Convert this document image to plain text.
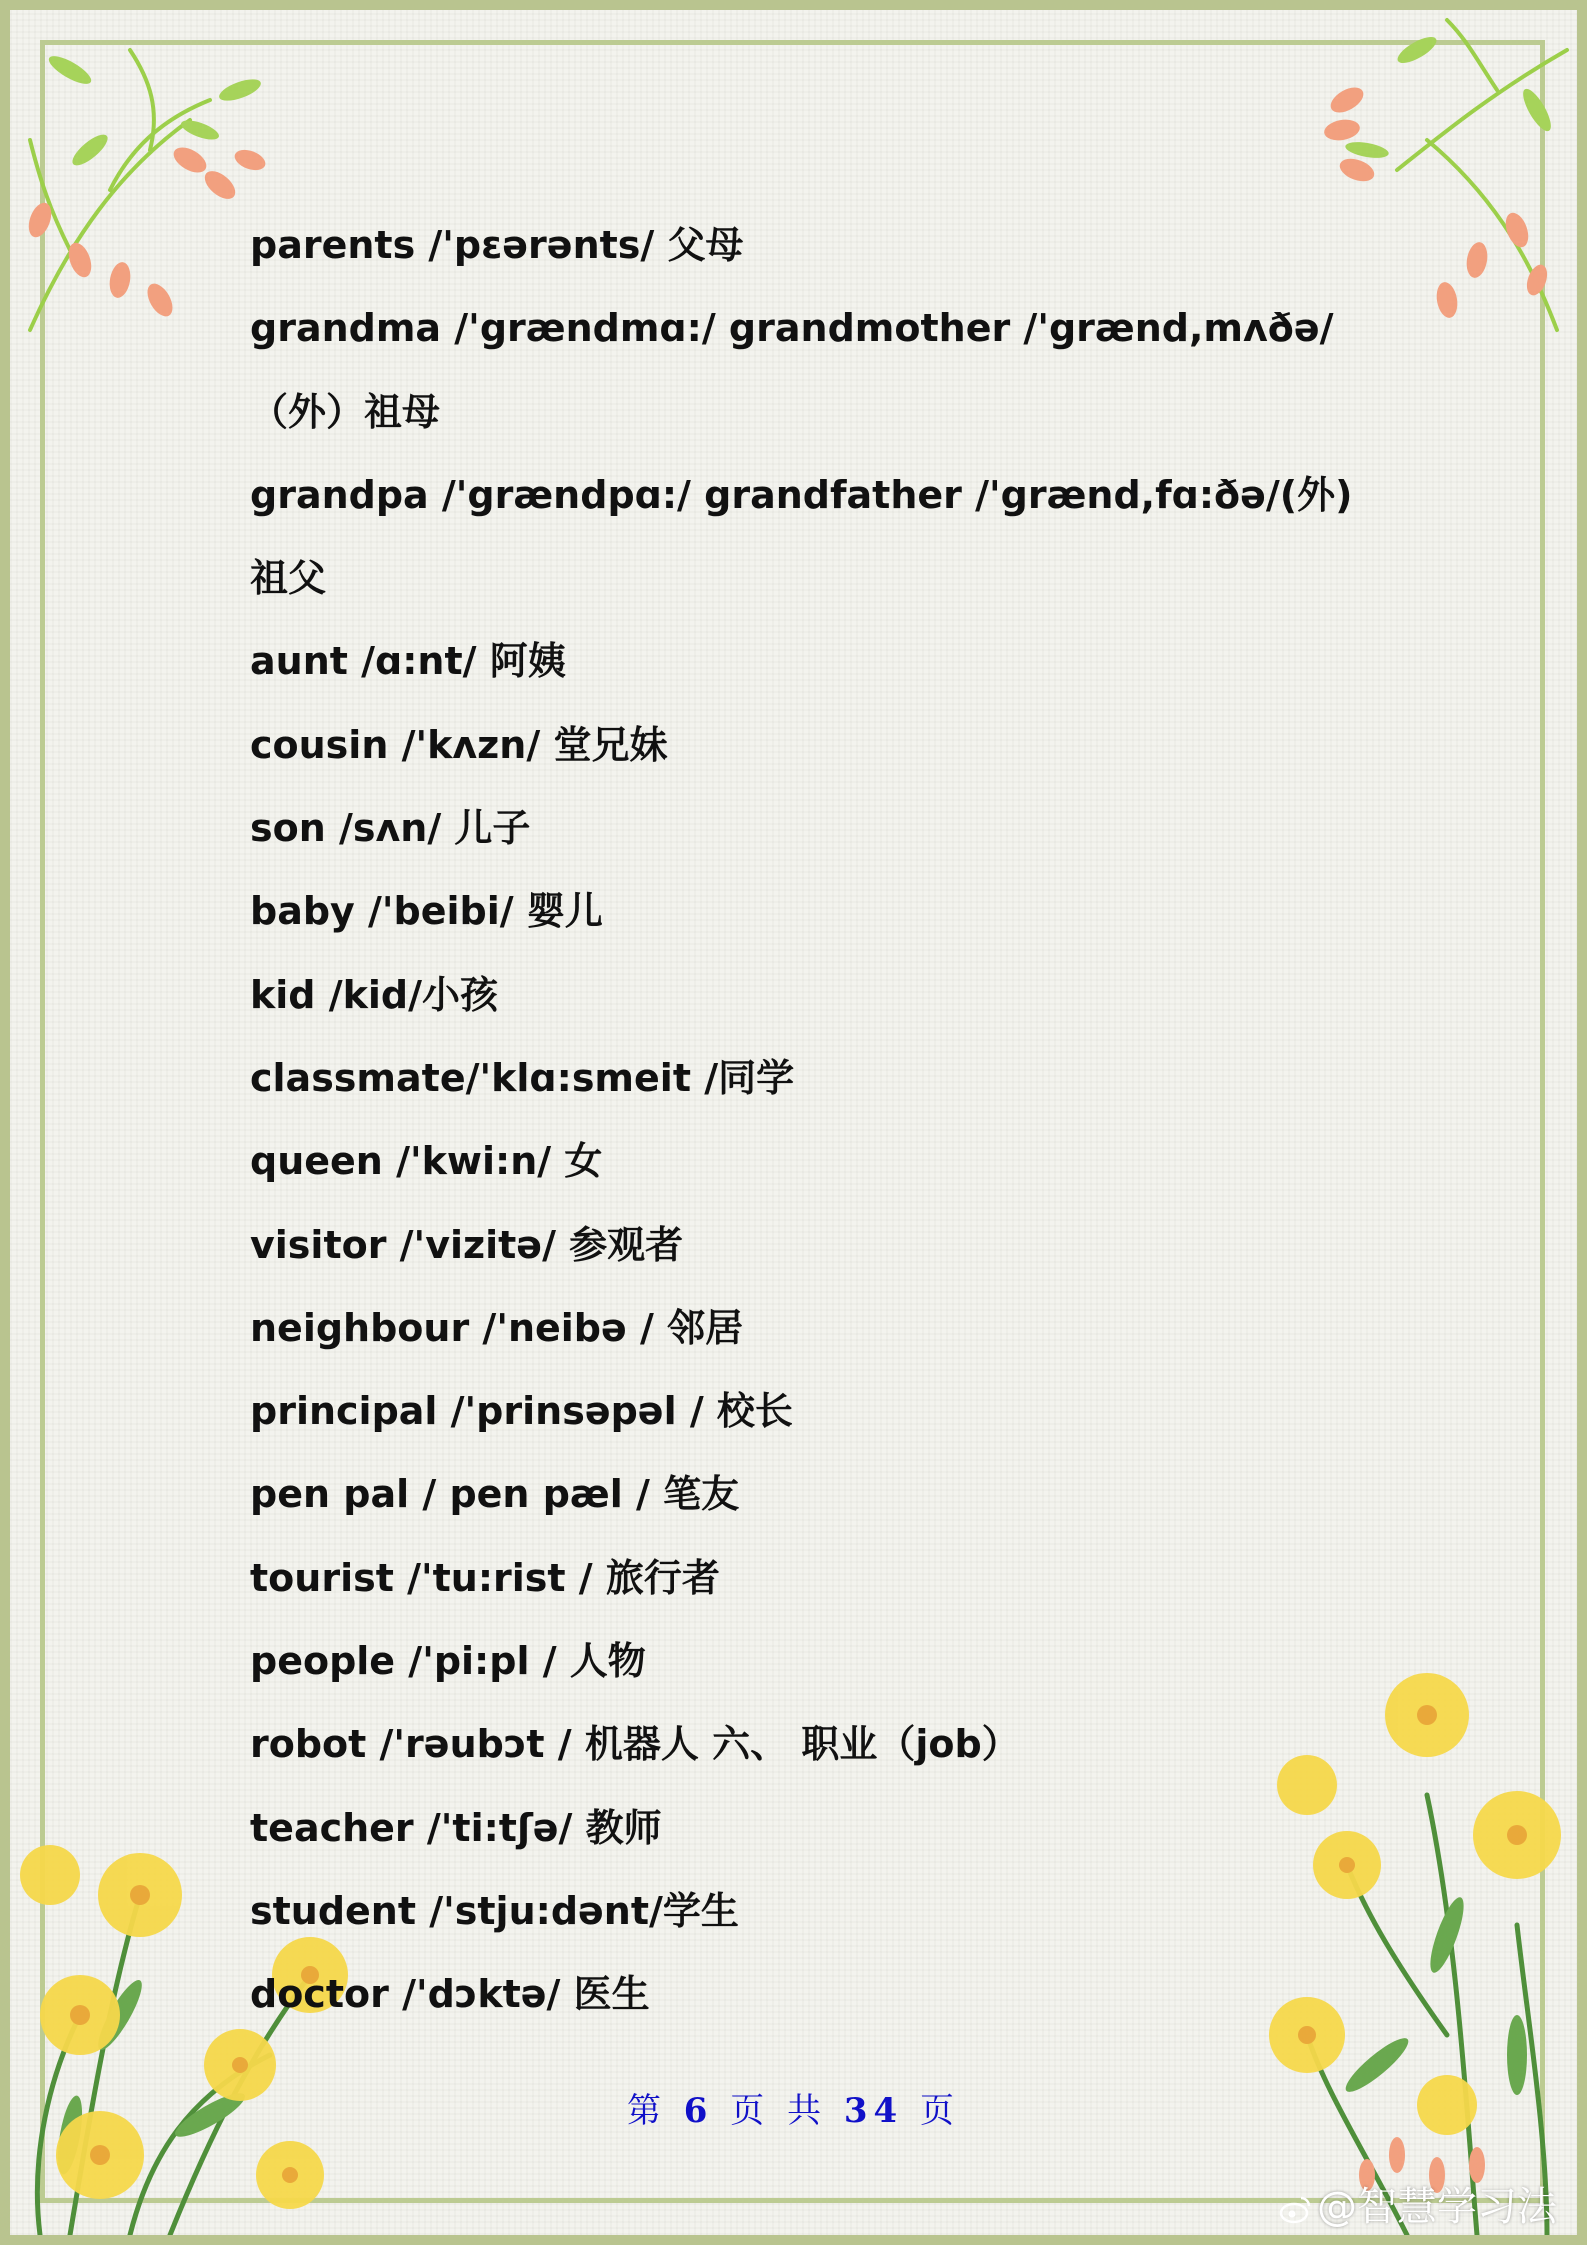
parents /'pεərənts/ 父母
grandma /'grændmɑ:/ grandmother /'grænd,mʌðə/
（外）祖母
grandpa /'grændpɑ:/ grandfather /'grænd,fɑ:ðə/(外)
祖父
aunt /ɑ:nt/ 阿姨
cousin /'kʌzn/ 堂兄妹
son /sʌn/ 儿子
baby /'beibi/ 婴儿
kid /kid/小孩
classmate/'klɑ:smeit /同学
queen /'kwi:n/ 女
visitor /'vizitə/ 参观者
neighbour /'neibə / 邻居
principal /'prinsəpəl / 校长
pen pal / pen pæl / 笔友
tourist /'tu:rist / 旅行者
people /'pi:pl / 人物
robot /'rəubɔt / 机器人 六、 职业（job）
teacher /'ti:tʃə/ 教师
student /'stju:dənt/学生
doctor /'dɔktə/ 医生
第 6 页 共 34 页
@智慧学习法
